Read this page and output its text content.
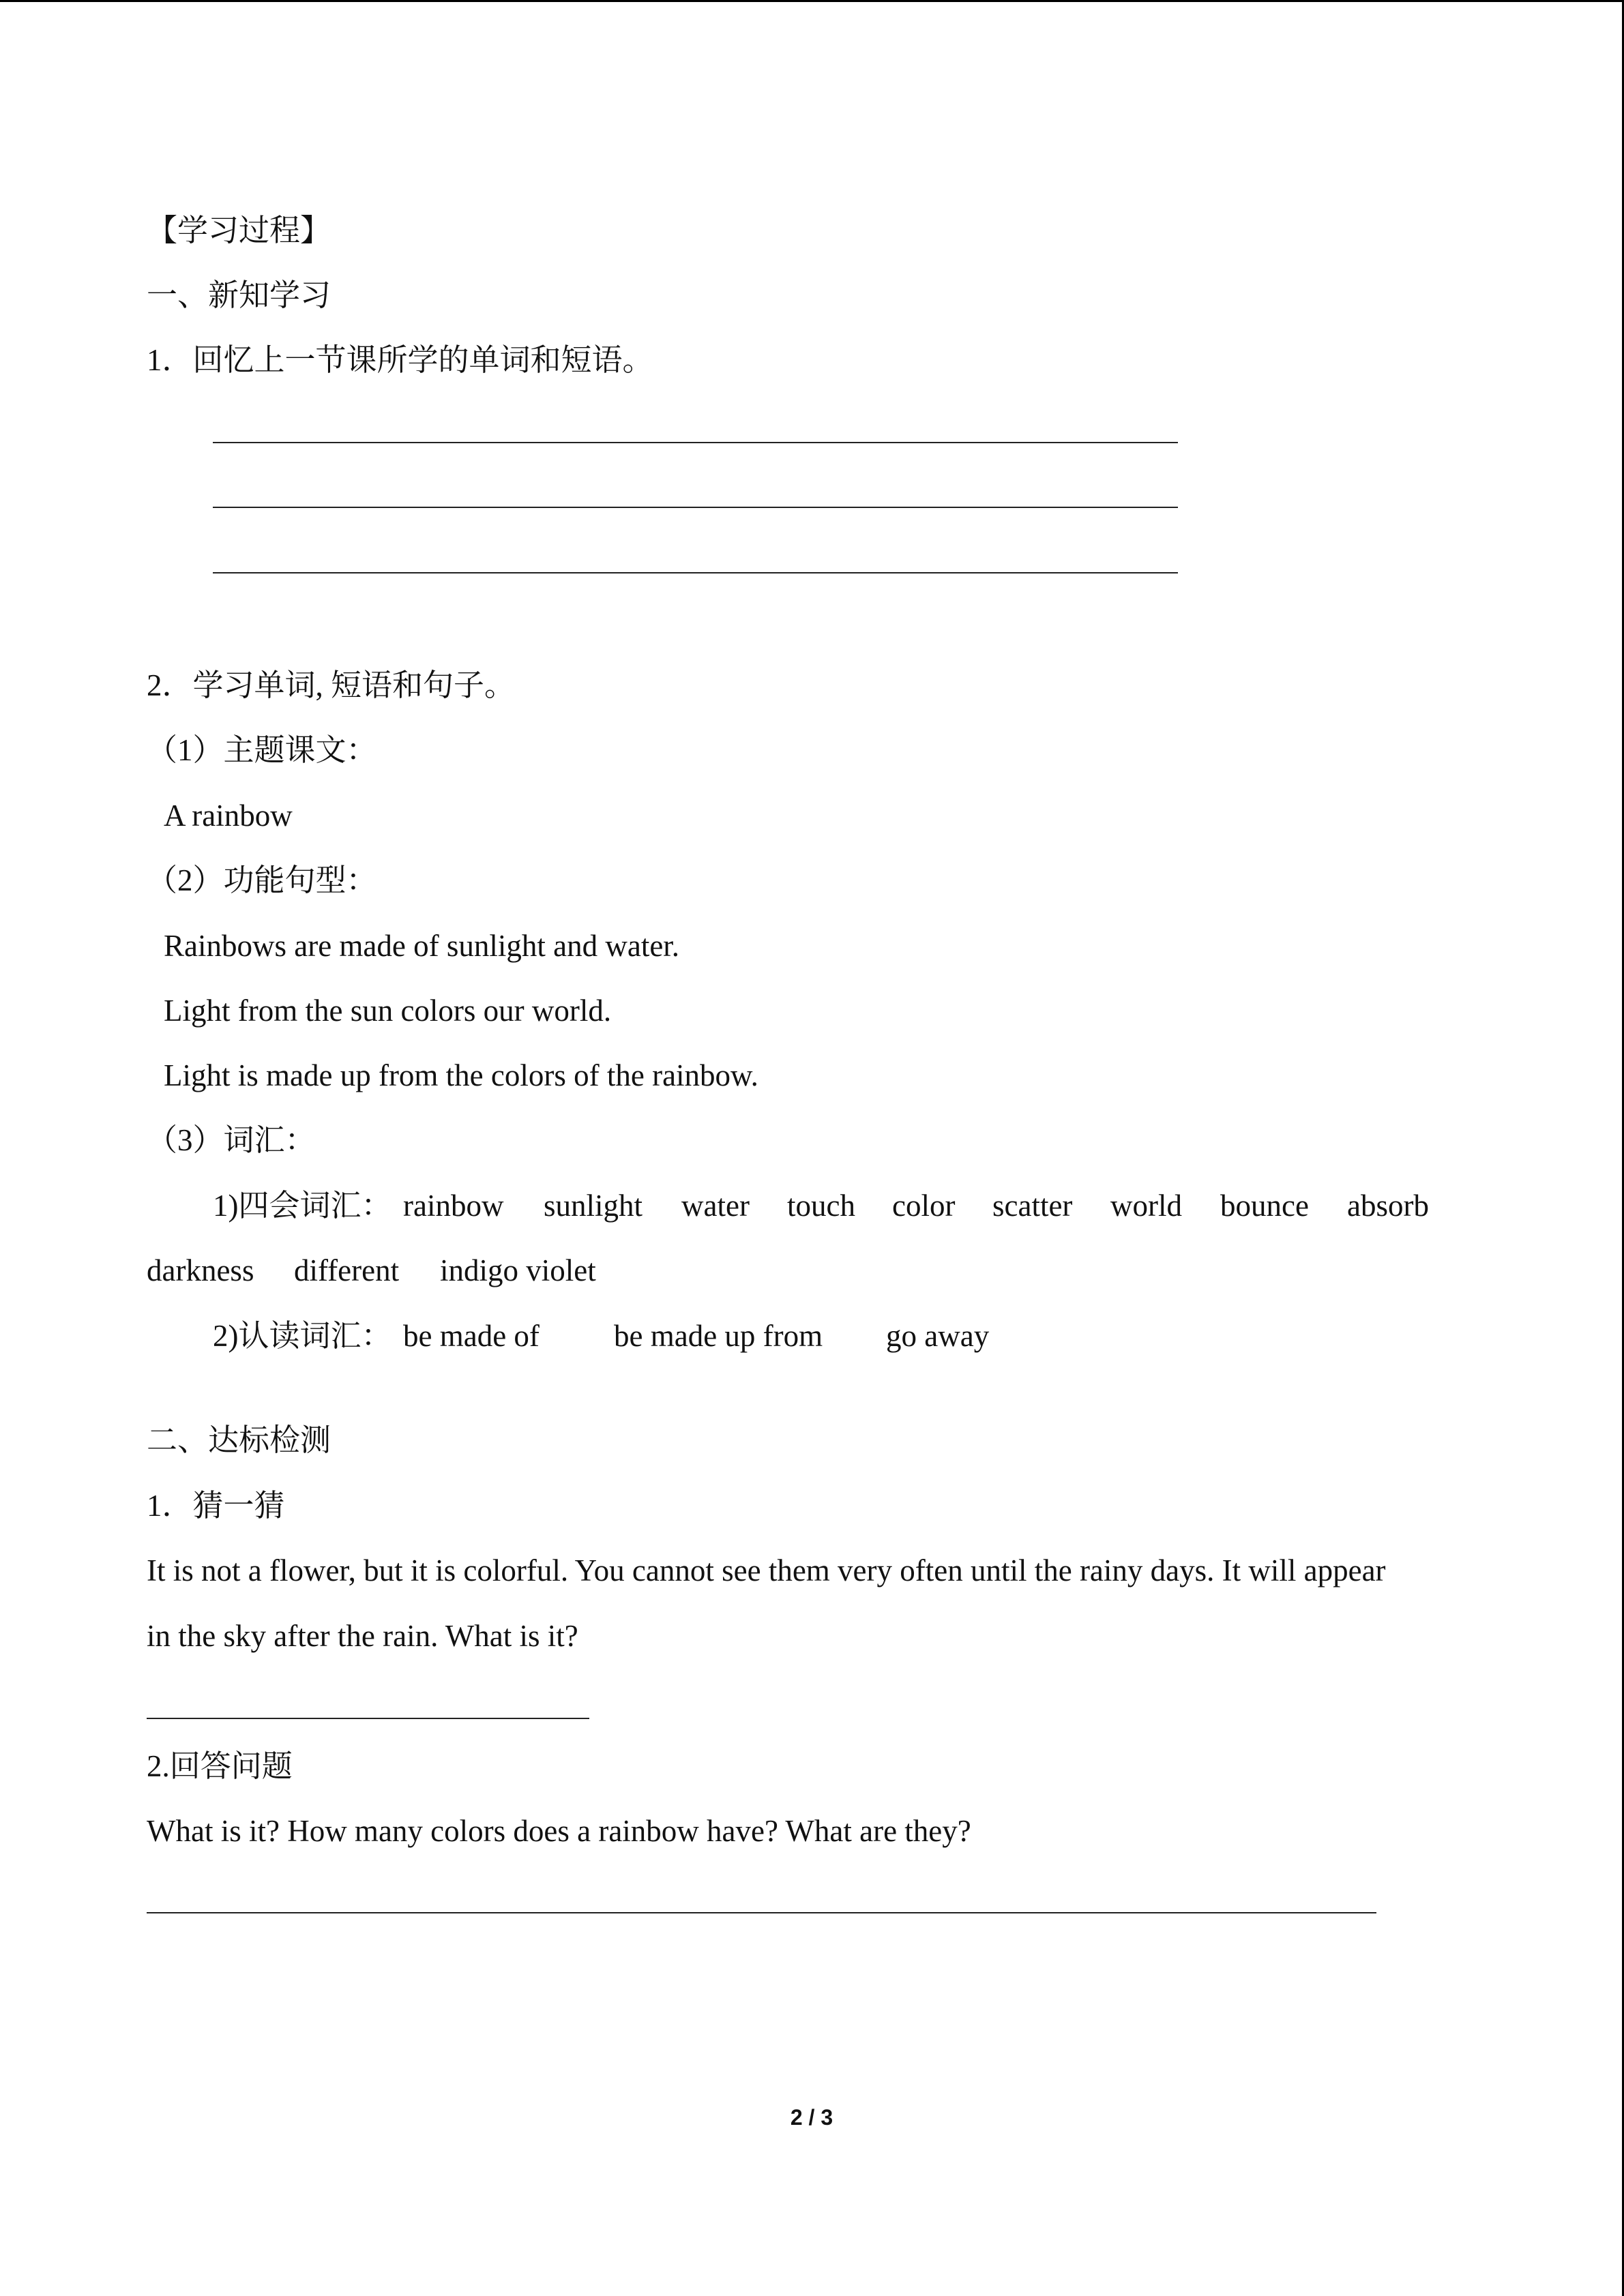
【学习过程】

一、新知学习

1．回忆上一节课所学的单词和短语。

2．学习单词, 短语和句子。

（1）主题课文：

A rainbow

（2）功能句型：

Rainbows are made of sunlight and water.

Light from the sun colors our world.

Light is made up from the colors of the rainbow.

（3）词汇：

1)四会词汇： rainbow sunlight water touch color scatter world bounce absorb
darkness different indigo violet
2)认读词汇： be made of be made up from go away

二、达标检测

1．猜一猜

It is not a flower, but it is colorful. You cannot see them very often until the rainy days. It will appear

in the sky after the rain. What is it?

2.回答问题

What is it? How many colors does a rainbow have? What are they?

2 / 3
